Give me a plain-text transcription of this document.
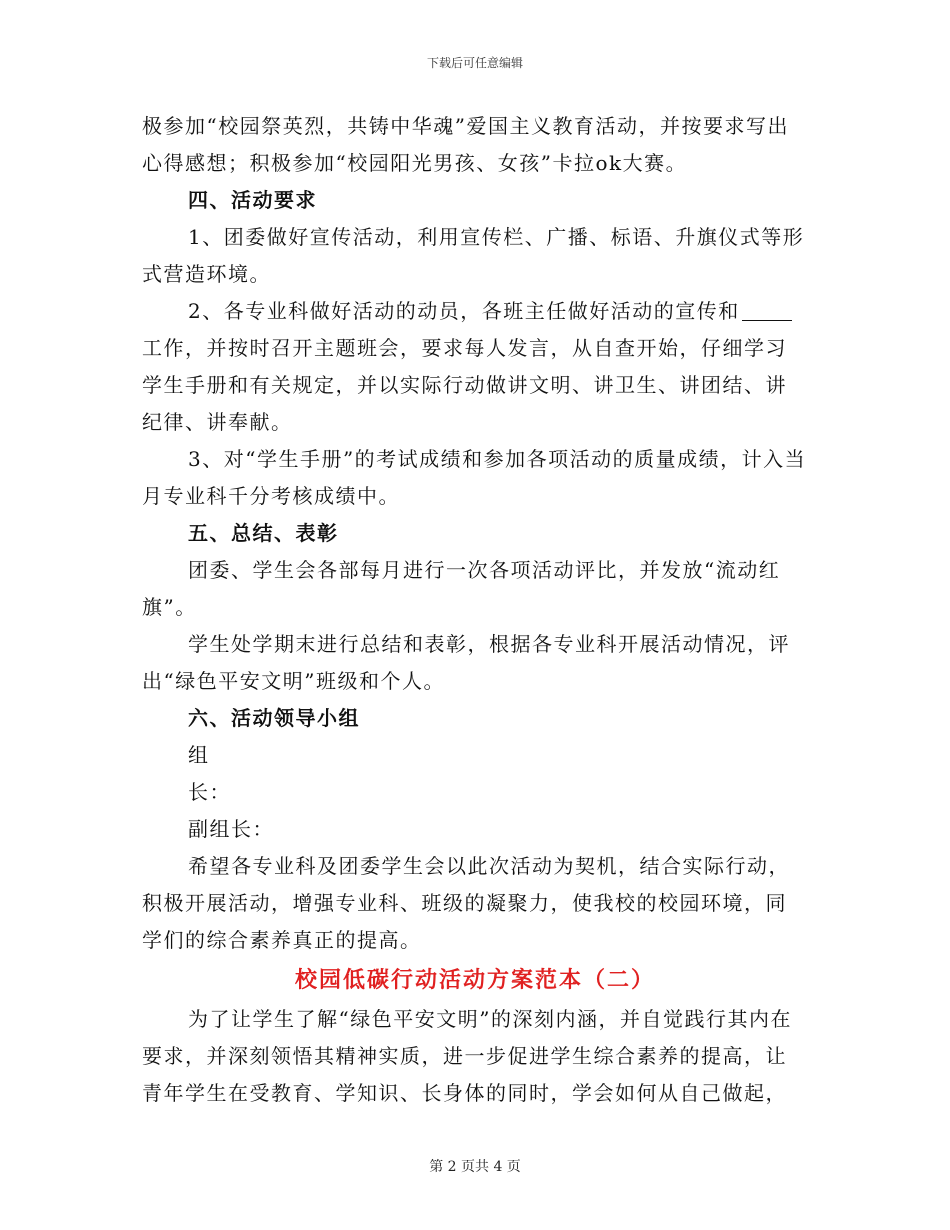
下载后可任意编辑

极参加“校园祭英烈，共铸中华魂”爱国主义教育活动，并按要求写出心得感想；积极参加“校园阳光男孩、女孩”卡拉ok大赛。

四、活动要求

1、团委做好宣传活动，利用宣传栏、广播、标语、升旗仪式等形式营造环境。

2、各专业科做好活动的动员，各班主任做好活动的宣传和工作，并按时召开主题班会，要求每人发言，从自查开始，仔细学习学生手册和有关规定，并以实际行动做讲文明、讲卫生、讲团结、讲纪律、讲奉献。

3、对“学生手册”的考试成绩和参加各项活动的质量成绩，计入当月专业科千分考核成绩中。

五、总结、表彰

团委、学生会各部每月进行一次各项活动评比，并发放“流动红旗”。

学生处学期末进行总结和表彰，根据各专业科开展活动情况，评出“绿色平安文明”班级和个人。

六、活动领导小组

组

长：

副组长：

希望各专业科及团委学生会以此次活动为契机，结合实际行动，积极开展活动，增强专业科、班级的凝聚力，使我校的校园环境，同学们的综合素养真正的提高。

校园低碳行动活动方案范本（二）

为了让学生了解“绿色平安文明”的深刻内涵，并自觉践行其内在要求，并深刻领悟其精神实质，进一步促进学生综合素养的提高，让青年学生在受教育、学知识、长身体的同时，学会如何从自己做起，

第 2 页共 4 页
